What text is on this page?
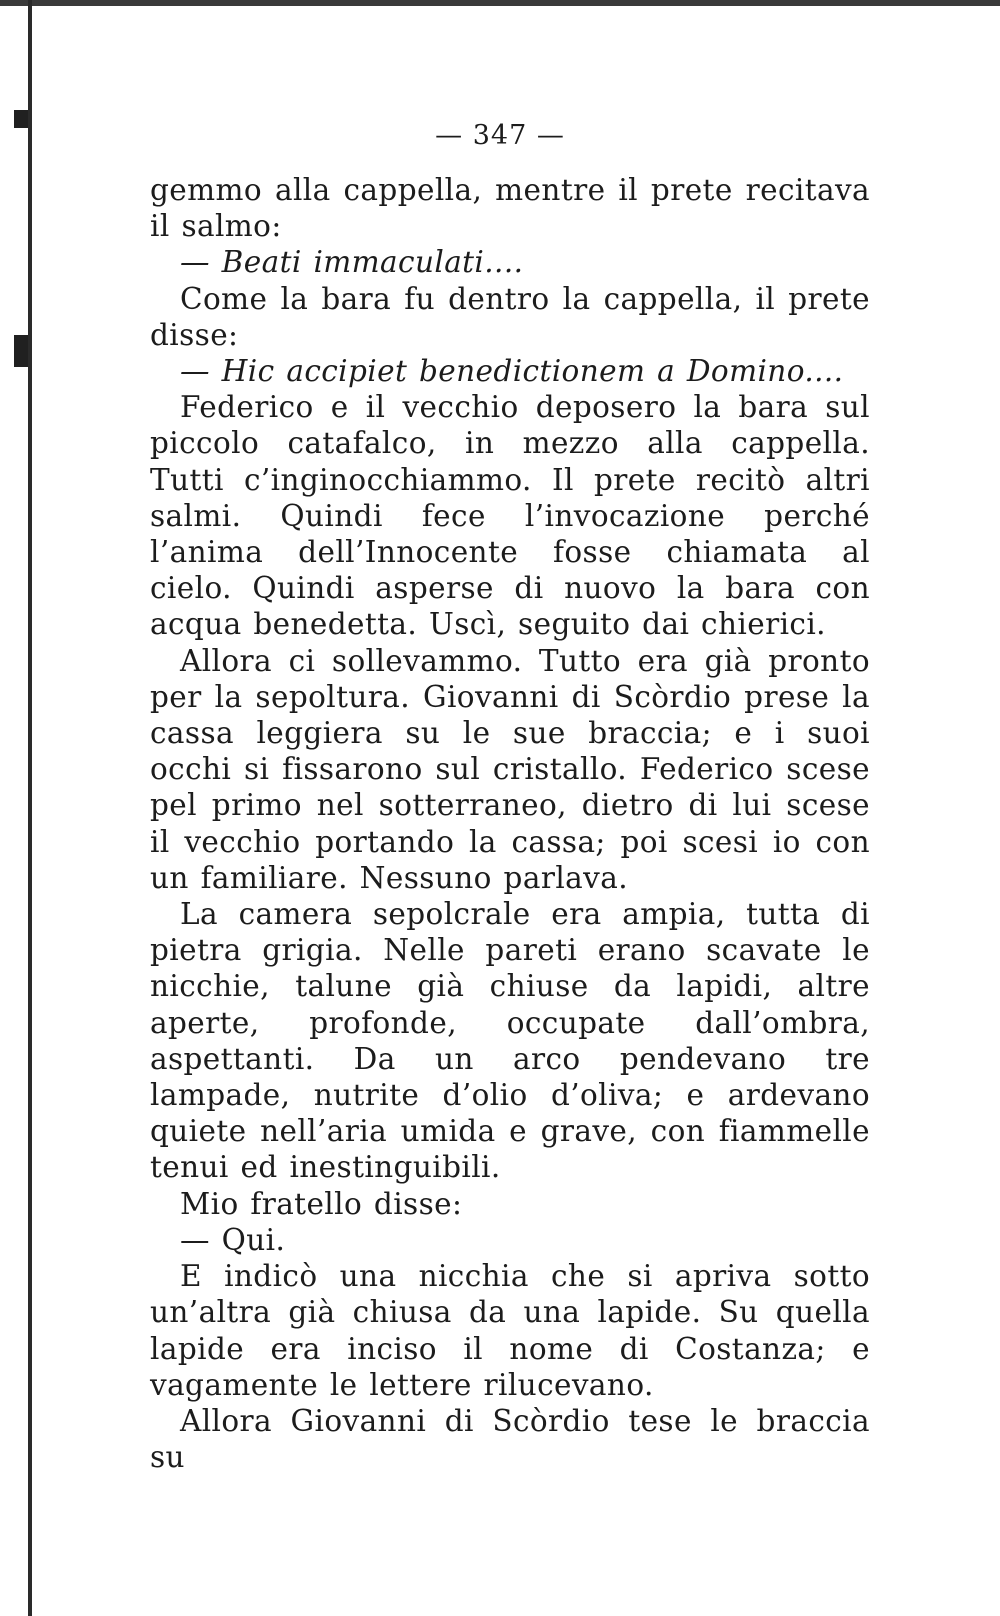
— 347 —

gemmo alla cappella, mentre il prete recitava il salmo:

— Beati immaculati....

Come la bara fu dentro la cappella, il prete disse:

— Hic accipiet benedictionem a Domino....

Federico e il vecchio deposero la bara sul piccolo catafalco, in mezzo alla cappella. Tutti c’inginocchiammo. Il prete recitò altri salmi. Quindi fece l’invocazione perché l’anima dell’Innocente fosse chiamata al cielo. Quindi asperse di nuovo la bara con acqua benedetta. Uscì, seguito dai chierici.

Allora ci sollevammo. Tutto era già pronto per la sepoltura. Giovanni di Scòrdio prese la cassa leggiera su le sue braccia; e i suoi occhi si fissarono sul cristallo. Federico scese pel primo nel sotterraneo, dietro di lui scese il vecchio portando la cassa; poi scesi io con un familiare. Nessuno parlava.

La camera sepolcrale era ampia, tutta di pietra grigia. Nelle pareti erano scavate le nicchie, talune già chiuse da lapidi, altre aperte, profonde, occupate dall’ombra, aspettanti. Da un arco pendevano tre lampade, nutrite d’olio d’oliva; e ardevano quiete nell’aria umida e grave, con fiammelle tenui ed inestinguibili.

Mio fratello disse:

— Qui.

E indicò una nicchia che si apriva sotto un’altra già chiusa da una lapide. Su quella lapide era inciso il nome di Costanza; e vagamente le lettere rilucevano.

Allora Giovanni di Scòrdio tese le braccia su
